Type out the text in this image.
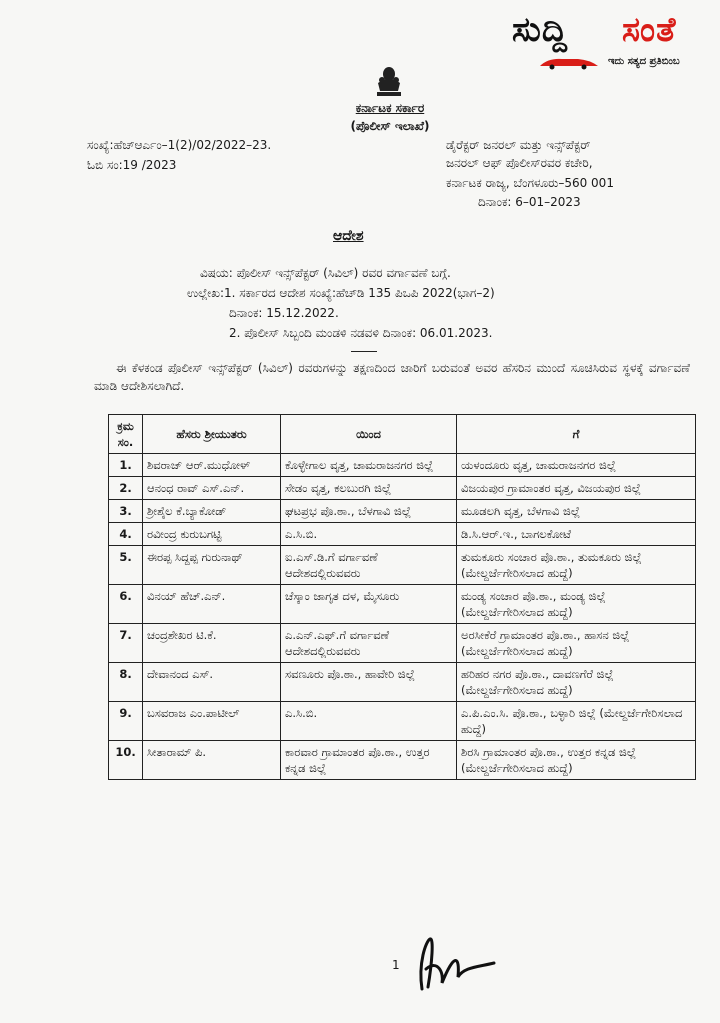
ಸುದ್ದಿ ಸಂತೆ
ಇದು ಸತ್ಯದ ಪ್ರತಿಬಿಂಬ
ಕರ್ನಾಟಕ ಸರ್ಕಾರ
(ಪೊಲೀಸ್ ಇಲಾಖೆ)
ಸಂಖ್ಯೆ:ಹೆಚ್ಆರ್ಎಂ–1(2)/02/2022–23.
ಓಬಿ ಸಂ:19 /2023
ಡೈರೆಕ್ಟರ್ ಜನರಲ್ ಮತ್ತು ಇನ್ಸ್‌ಪೆಕ್ಟರ್
ಜನರಲ್ ಆಫ್ ಪೊಲೀಸ್‌ರವರ ಕಚೇರಿ,
ಕರ್ನಾಟಕ ರಾಜ್ಯ, ಬೆಂಗಳೂರು–560 001
ದಿನಾಂಕ: 6–01–2023
ಆದೇಶ
ವಿಷಯ: ಪೊಲೀಸ್ ಇನ್ಸ್‌ಪೆಕ್ಟರ್ (ಸಿವಿಲ್) ರವರ ವರ್ಗಾವಣೆ ಬಗ್ಗೆ.
ಉಲ್ಲೇಖ:1. ಸರ್ಕಾರದ ಆದೇಶ ಸಂಖ್ಯೆ:ಹೆಚ್‌ಡಿ 135 ಪಿಒಪಿ 2022(ಭಾಗ–2)
ದಿನಾಂಕ: 15.12.2022.
2. ಪೊಲೀಸ್ ಸಿಬ್ಬಂದಿ ಮಂಡಳಿ ನಡವಳಿ ದಿನಾಂಕ: 06.01.2023.
ಈ ಕೆಳಕಂಡ ಪೊಲೀಸ್ ಇನ್ಸ್‌ಪೆಕ್ಟರ್ (ಸಿವಿಲ್) ರವರುಗಳನ್ನು ತಕ್ಷಣದಿಂದ ಜಾರಿಗೆ ಬರುವಂತೆ ಅವರ ಹೆಸರಿನ ಮುಂದೆ ಸೂಚಿಸಿರುವ ಸ್ಥಳಕ್ಕೆ ವರ್ಗಾವಣೆ ಮಾಡಿ ಆದೇಶಿಸಲಾಗಿದೆ.
ಕ್ರಮ ಸಂ.	ಹೆಸರು ಶ್ರೀಯುತರು	ಯಿಂದ	ಗೆ
1.	ಶಿವರಾಜ್ ಆರ್.ಮುಧೋಳ್	ಕೊಳ್ಳೇಗಾಲ ವೃತ್ತ, ಚಾಮರಾಜನಗರ ಜಿಲ್ಲೆ	ಯಳಂದೂರು ವೃತ್ತ, ಚಾಮರಾಜನಗರ ಜಿಲ್ಲೆ
2.	ಆನಂಧ ರಾವ್ ಎಸ್.ಎನ್.	ಸೇಡಂ ವೃತ್ತ, ಕಲಬುರಗಿ ಜಿಲ್ಲೆ	ವಿಜಯಪುರ ಗ್ರಾಮಾಂತರ ವೃತ್ತ, ವಿಜಯಪುರ ಜಿಲ್ಲೆ
3.	ಶ್ರೀಶೈಲ ಕೆ.ಬ್ಯಾಕೋಡ್	ಘಟಪ್ರಭ ಪೊ.ಠಾ., ಬೆಳಗಾವಿ ಜಿಲ್ಲೆ	ಮೂಡಲಗಿ ವೃತ್ತ, ಬೆಳಗಾವಿ ಜಿಲ್ಲೆ
4.	ರವೀಂದ್ರ ಕುರುಬಗಟ್ಟಿ	ಎ.ಸಿ.ಬಿ.	ಡಿ.ಸಿ.ಆರ್.ಇ., ಬಾಗಲಕೋಟೆ
5.	ಈರಪ್ಪ ಸಿದ್ದಪ್ಪ ಗುರುನಾಥ್	ಐ.ಎಸ್.ಡಿ.ಗೆ ವರ್ಗಾವಣೆ ಆದೇಶದಲ್ಲಿರುವವರು	ತುಮಕೂರು ಸಂಚಾರ ಪೊ.ಠಾ., ತುಮಕೂರು ಜಿಲ್ಲೆ (ಮೇಲ್ದರ್ಜೆಗೇರಿಸಲಾದ ಹುದ್ದೆ)
6.	ವಿನಯ್ ಹೆಚ್.ಎನ್.	ಚೆಸ್ಕಾಂ ಜಾಗೃತ ದಳ, ಮೈಸೂರು	ಮಂಡ್ಯ ಸಂಚಾರ ಪೊ.ಠಾ., ಮಂಡ್ಯ ಜಿಲ್ಲೆ (ಮೇಲ್ದರ್ಜೆಗೇರಿಸಲಾದ ಹುದ್ದೆ)
7.	ಚಂದ್ರಶೇಖರ ಟಿ.ಕೆ.	ಎ.ಎನ್.ಎಫ್.ಗೆ ವರ್ಗಾವಣೆ ಆದೇಶದಲ್ಲಿರುವವರು	ಅರಸೀಕೆರೆ ಗ್ರಾಮಾಂತರ ಪೊ.ಠಾ., ಹಾಸನ ಜಿಲ್ಲೆ (ಮೇಲ್ದರ್ಜೆಗೇರಿಸಲಾದ ಹುದ್ದೆ)
8.	ದೇವಾನಂದ ಎಸ್.	ಸವಣೂರು ಪೊ.ಠಾ., ಹಾವೇರಿ ಜಿಲ್ಲೆ	ಹರಿಹರ ನಗರ ಪೊ.ಠಾ., ದಾವಣಗೆರೆ ಜಿಲ್ಲೆ (ಮೇಲ್ದರ್ಜೆಗೇರಿಸಲಾದ ಹುದ್ದೆ)
9.	ಬಸವರಾಜ ಎಂ.ಪಾಟೀಲ್	ಎ.ಸಿ.ಬಿ.	ಎ.ಪಿ.ಎಂ.ಸಿ. ಪೊ.ಠಾ., ಬಳ್ಳಾರಿ ಜಿಲ್ಲೆ (ಮೇಲ್ದರ್ಜೆಗೇರಿಸಲಾದ ಹುದ್ದೆ)
10.	ಸೀತಾರಾಮ್ ಪಿ.	ಕಾರವಾರ ಗ್ರಾಮಾಂತರ ಪೊ.ಠಾ., ಉತ್ತರ ಕನ್ನಡ ಜಿಲ್ಲೆ	ಶಿರಸಿ ಗ್ರಾಮಾಂತರ ಪೊ.ಠಾ., ಉತ್ತರ ಕನ್ನಡ ಜಿಲ್ಲೆ (ಮೇಲ್ದರ್ಜೆಗೇರಿಸಲಾದ ಹುದ್ದೆ)
1
